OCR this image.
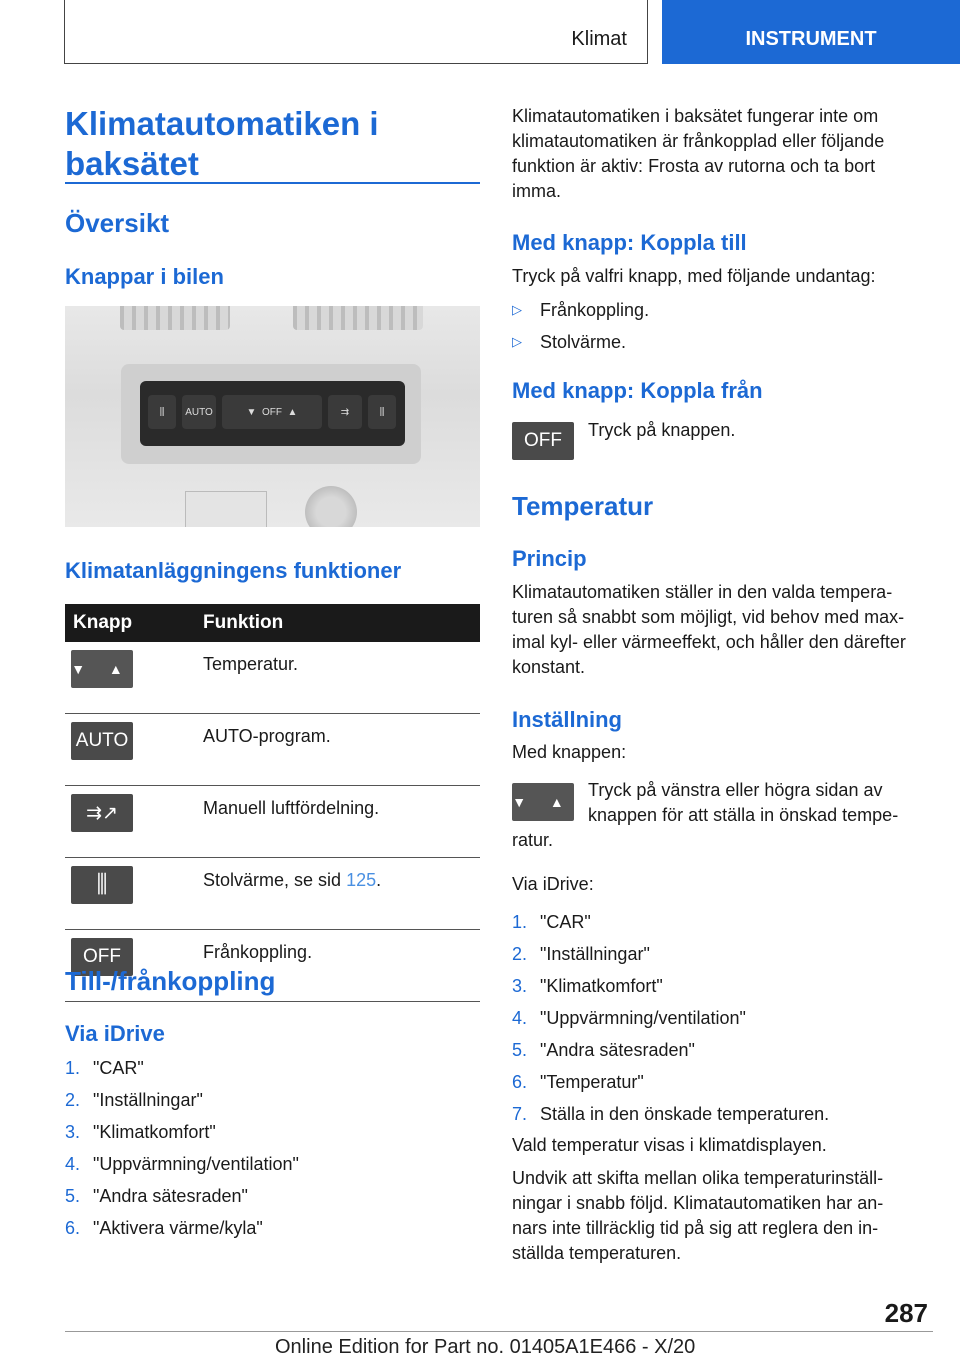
Klimat	INSTRUMENT
Klimatautomatiken i
baksätet
Översikt
Knappar i bilen
⫼	AUTO	▼ OFF ▲	⇉	⫼
Klimatanläggningens funktioner
Knapp	Funktion

▼ ▲	Temperatur.

AUTO	AUTO-program.

⇉↗	Manuell luftfördelning.

⫼	Stolvärme, se sid 125.

OFF	Frånkoppling.
Till-/frånkoppling
Via iDrive
1. "CAR"
2. "Inställningar"
3. "Klimatkomfort"
4. "Uppvärmning/ventilation"
5. "Andra sätesraden"
6. "Aktivera värme/kyla"
Klimatautomatiken i baksätet fungerar inte om
klimatautomatiken är frånkopplad eller följande
funktion är aktiv: Frosta av rutorna och ta bort
imma.
Med knapp: Koppla till
Tryck på valfri knapp, med följande undantag:
▷ Frånkoppling.
▷ Stolvärme.
Med knapp: Koppla från
OFF	Tryck på knappen.
Temperatur
Princip
Klimatautomatiken ställer in den valda tempera-
turen så snabbt som möjligt, vid behov med max-
imal kyl- eller värmeeffekt, och håller den därefter
konstant.
Inställning
Med knappen:
▼ ▲
Tryck på vänstra eller högra sidan av
knappen för att ställa in önskad tempe-
ratur.
Via iDrive:
1. "CAR"
2. "Inställningar"
3. "Klimatkomfort"
4. "Uppvärmning/ventilation"
5. "Andra sätesraden"
6. "Temperatur"
7. Ställa in den önskade temperaturen.
Vald temperatur visas i klimatdisplayen.
Undvik att skifta mellan olika temperaturinställ-
ningar i snabb följd. Klimatautomatiken har an-
nars inte tillräcklig tid på sig att reglera den in-
ställda temperaturen.
287
Online Edition for Part no. 01405A1E466 - X/20
